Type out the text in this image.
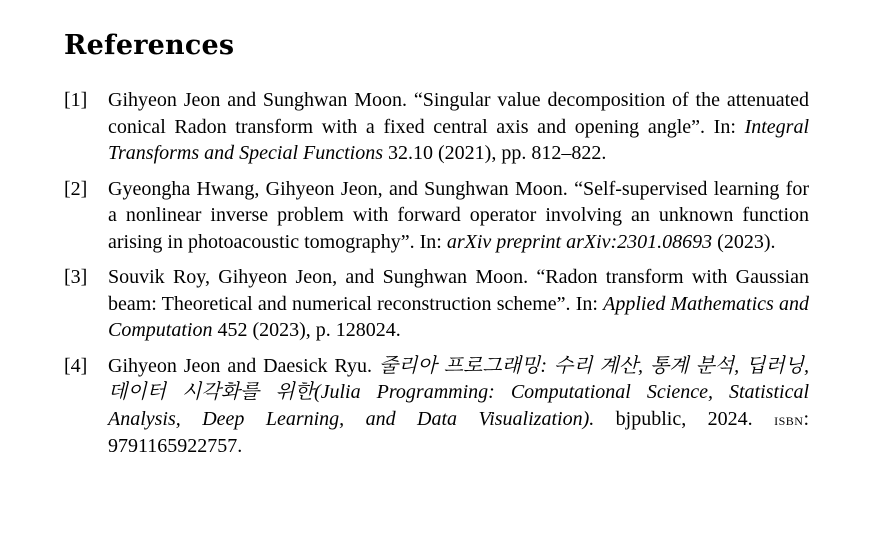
References
[1]	Gihyeon Jeon and Sunghwan Moon. “Singular value decomposition of the attenuated conical Radon transform with a fixed central axis and opening angle”. In: Integral Transforms and Special Functions 32.10 (2021), pp. 812–822.
[2]	Gyeongha Hwang, Gihyeon Jeon, and Sunghwan Moon. “Self-supervised learning for a nonlinear inverse problem with forward operator involving an unknown function arising in photoacoustic tomography”. In: arXiv preprint arXiv:2301.08693 (2023).
[3]	Souvik Roy, Gihyeon Jeon, and Sunghwan Moon. “Radon transform with Gaussian beam: Theoretical and numerical reconstruction scheme”. In: Applied Mathematics and Computation 452 (2023), p. 128024.
[4]	Gihyeon Jeon and Daesick Ryu. 줄리아 프로그래밍: 수리 계산, 통계 분석, 딥러닝, 데이터 시각화를 위한(Julia Programming: Computational Science, Statistical Analysis, Deep Learning, and Data Visualization). bjpublic, 2024. isbn: 9791165922757.
